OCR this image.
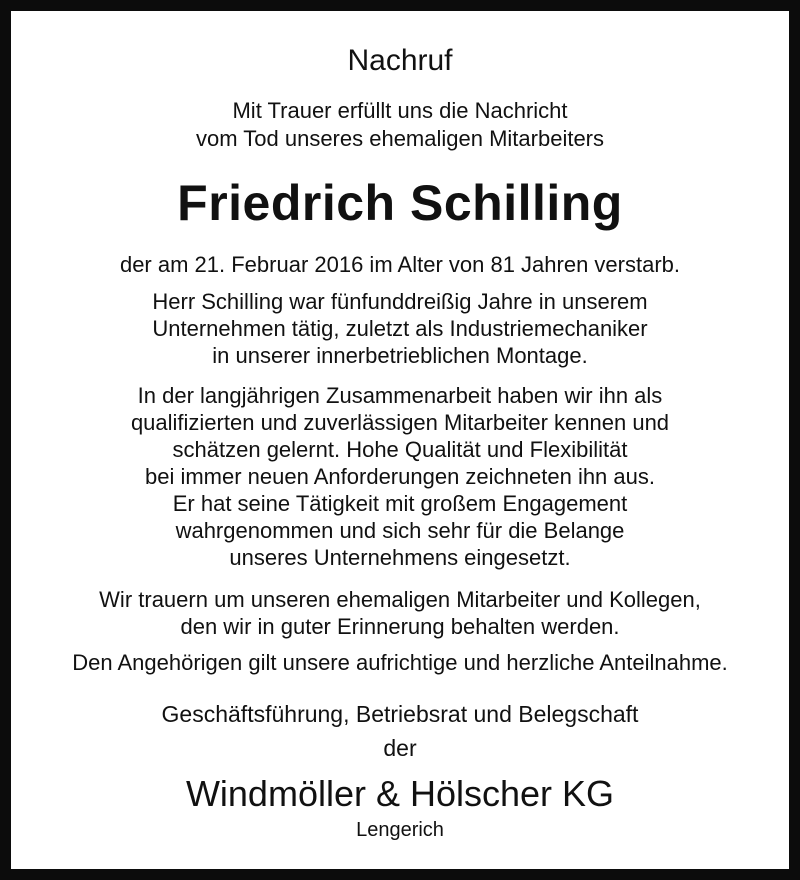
Nachruf
Mit Trauer erfüllt uns die Nachricht
vom Tod unseres ehemaligen Mitarbeiters
Friedrich Schilling
der am 21. Februar 2016 im Alter von 81 Jahren verstarb.
Herr Schilling war fünfunddreißig Jahre in unserem
Unternehmen tätig, zuletzt als Industriemechaniker
in unserer innerbetrieblichen Montage.
In der langjährigen Zusammenarbeit haben wir ihn als
qualifizierten und zuverlässigen Mitarbeiter kennen und
schätzen gelernt. Hohe Qualität und Flexibilität
bei immer neuen Anforderungen zeichneten ihn aus.
Er hat seine Tätigkeit mit großem Engagement
wahrgenommen und sich sehr für die Belange
unseres Unternehmens eingesetzt.
Wir trauern um unseren ehemaligen Mitarbeiter und Kollegen,
den wir in guter Erinnerung behalten werden.
Den Angehörigen gilt unsere aufrichtige und herzliche Anteilnahme.
Geschäftsführung, Betriebsrat und Belegschaft
der
Windmöller & Hölscher KG
Lengerich
